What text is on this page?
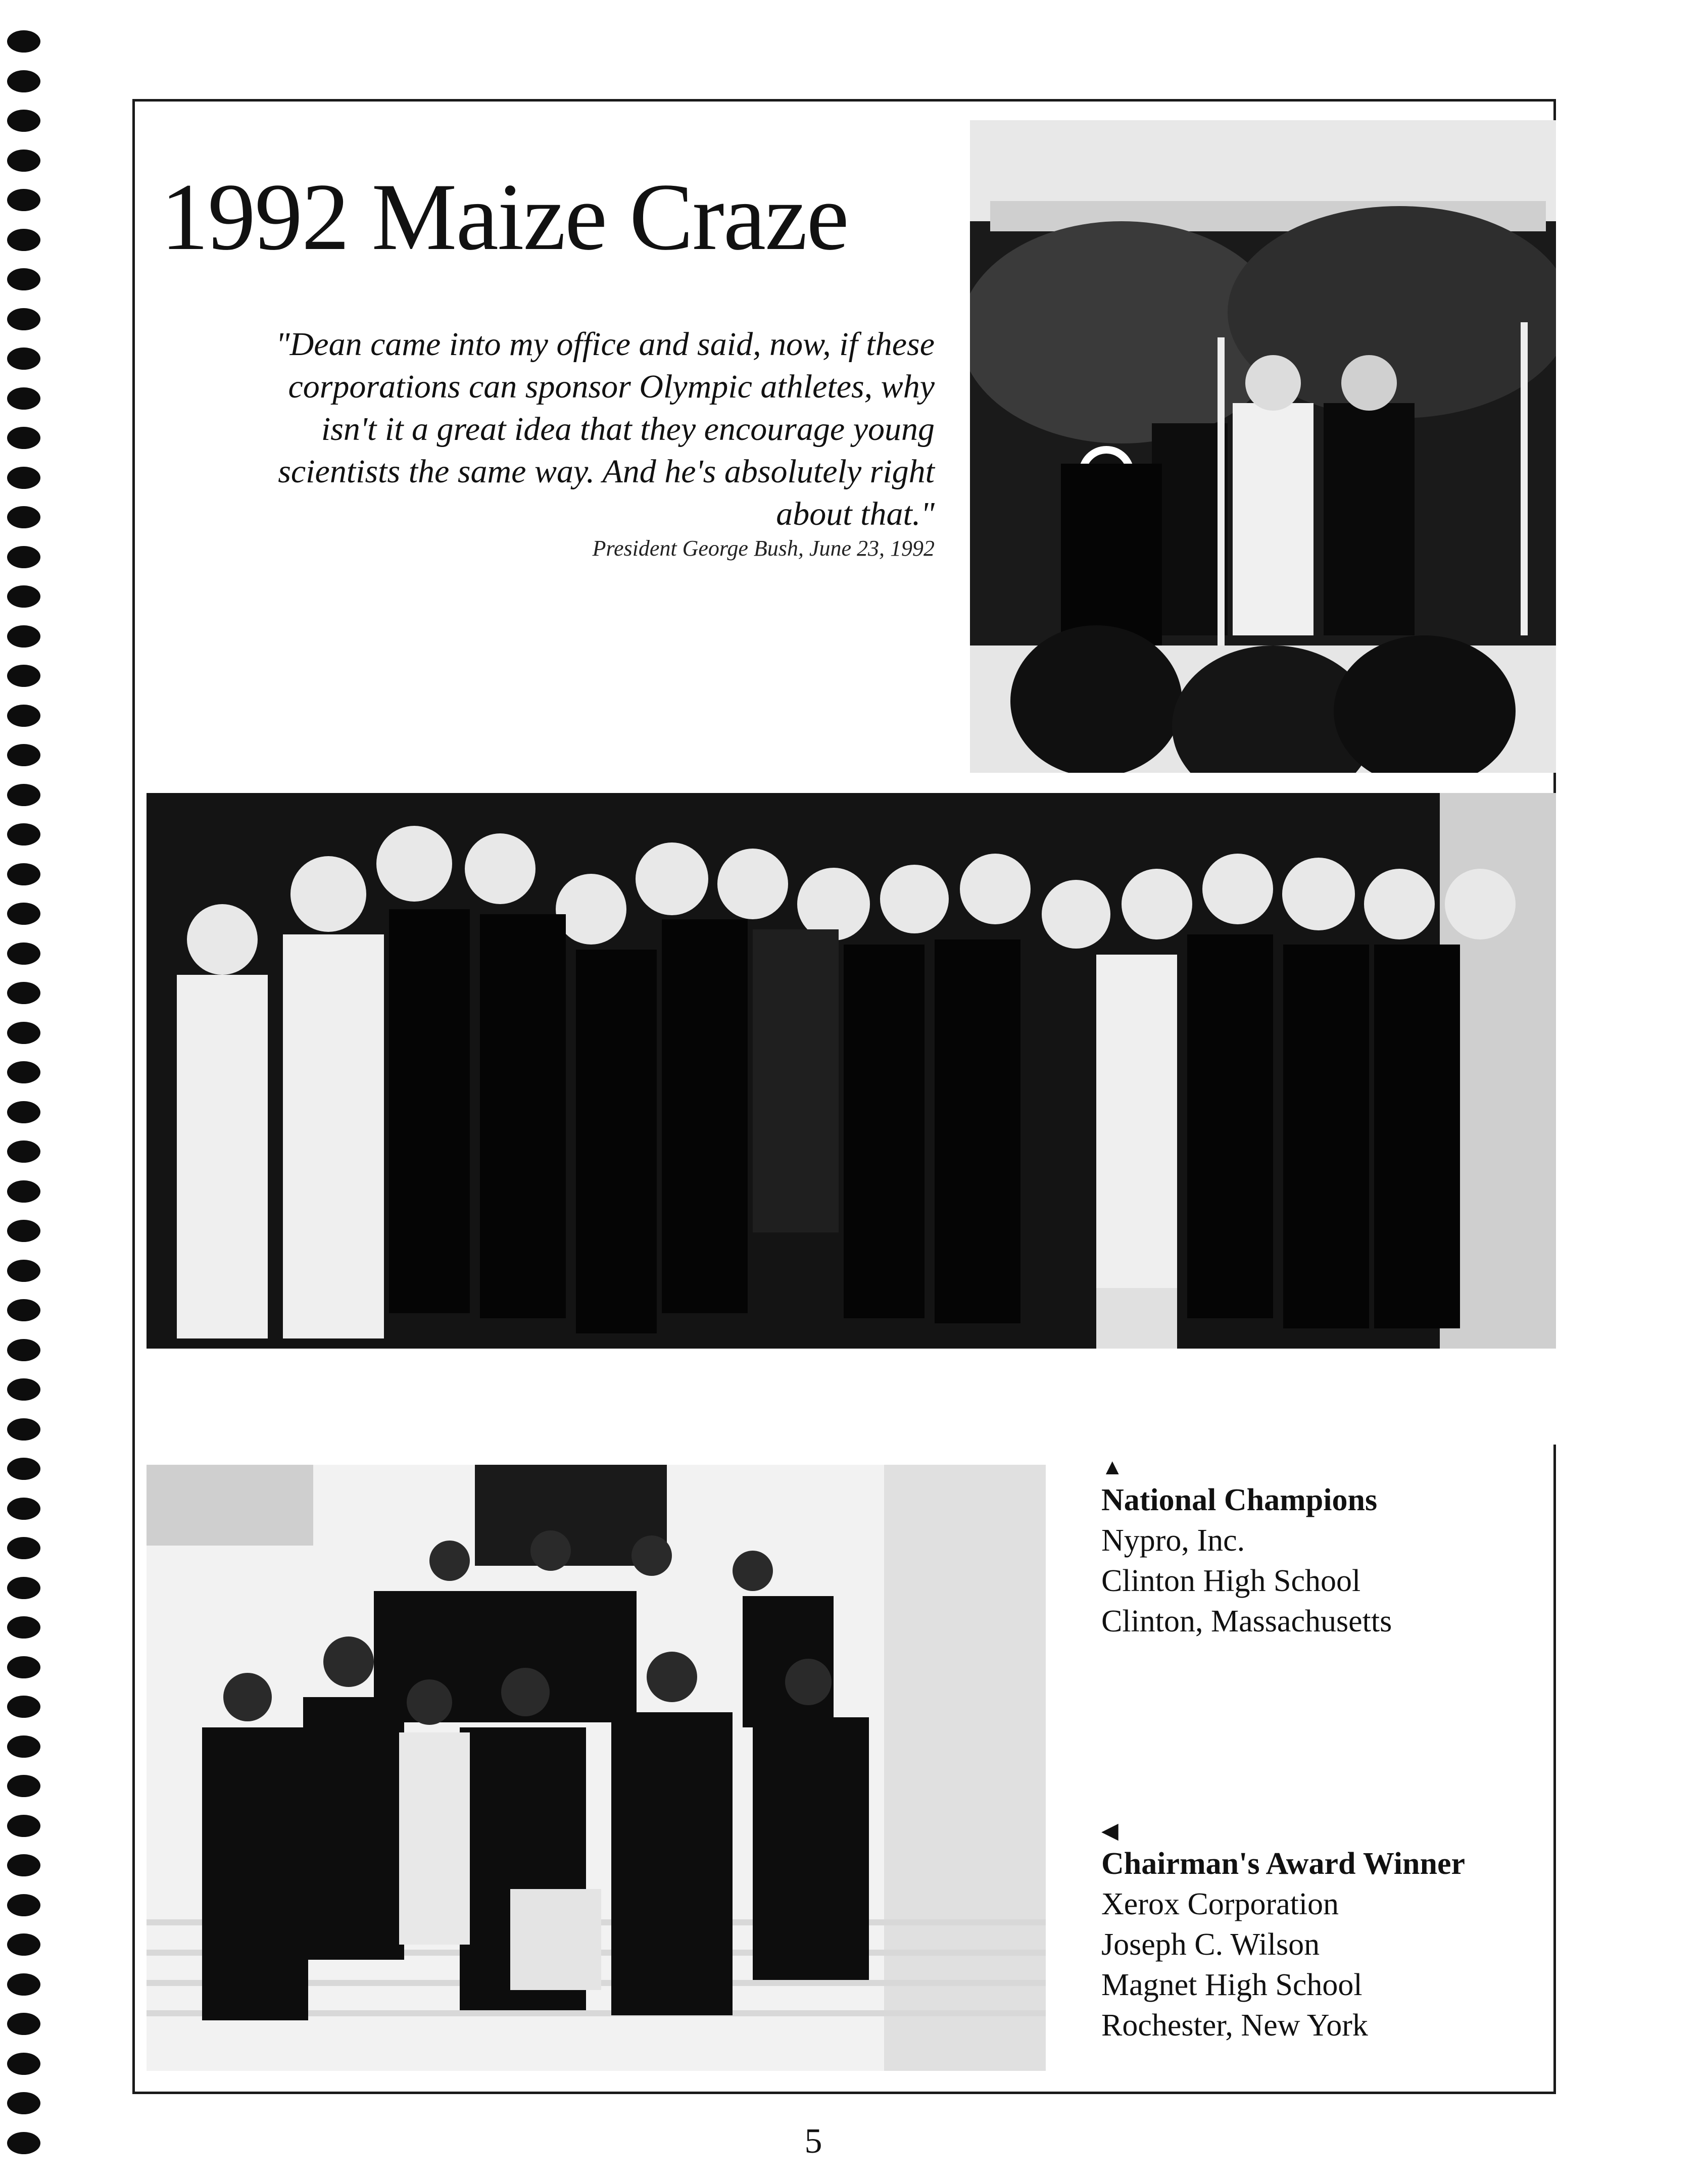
1992 Maize Craze

"Dean came into my office and said, now, if these
corporations can sponsor Olympic athletes, why
isn't it a great idea that they encourage young
scientists the same way. And he's absolutely right
about that."

President George Bush, June 23, 1992
▲
National Champions
Nypro, Inc.
Clinton High School
Clinton, Massachusetts
◀
Chairman's Award Winner
Xerox Corporation
Joseph C. Wilson
Magnet High School
Rochester, New York
5
